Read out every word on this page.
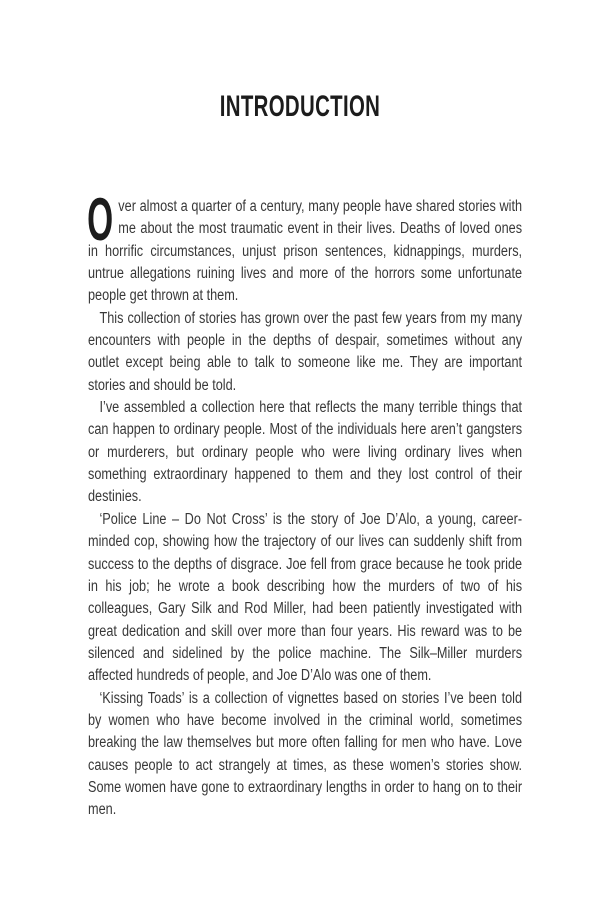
INTRODUCTION

O ver almost a quarter of a century, many people have shared stories with me about the most traumatic event in their lives. Deaths of loved ones in horrific circumstances, unjust prison sentences, kidnappings, murders, untrue allegations ruining lives and more of the horrors some unfortunate people get thrown at them.

This collection of stories has grown over the past few years from my many encounters with people in the depths of despair, sometimes without any outlet except being able to talk to someone like me. They are important stories and should be told.

I’ve assembled a collection here that reflects the many terrible things that can happen to ordinary people. Most of the individuals here aren’t gangsters or murderers, but ordinary people who were living ordinary lives when something extraordinary happened to them and they lost control of their destinies.

‘Police Line – Do Not Cross’ is the story of Joe D’Alo, a young, career-minded cop, showing how the trajectory of our lives can suddenly shift from success to the depths of disgrace. Joe fell from grace because he took pride in his job; he wrote a book describing how the murders of two of his colleagues, Gary Silk and Rod Miller, had been patiently investigated with great dedication and skill over more than four years. His reward was to be silenced and sidelined by the police machine. The Silk–Miller murders affected hundreds of people, and Joe D’Alo was one of them.

‘Kissing Toads’ is a collection of vignettes based on stories I’ve been told by women who have become involved in the criminal world, sometimes breaking the law themselves but more often falling for men who have. Love causes people to act strangely at times, as these women’s stories show. Some women have gone to extraordinary lengths in order to hang on to their men.
